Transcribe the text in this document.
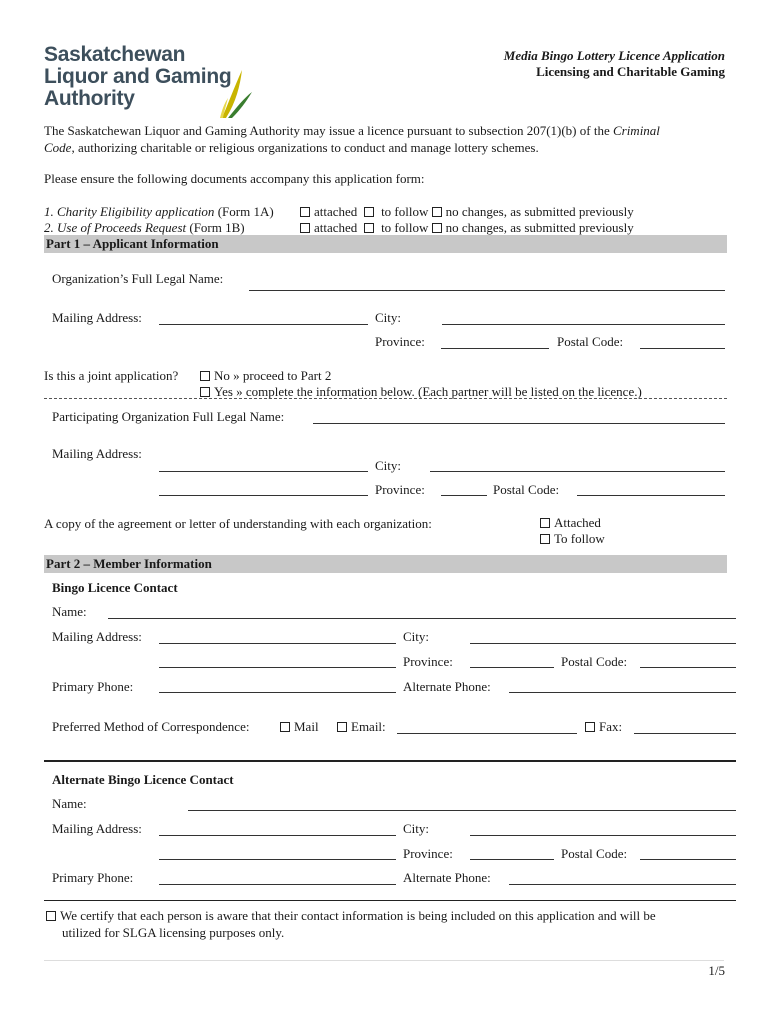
Saskatchewan
Liquor and Gaming
Authority
Media Bingo Lottery Licence Application
Licensing and Charitable Gaming
The Saskatchewan Liquor and Gaming Authority may issue a licence pursuant to subsection 207(1)(b) of the Criminal
Code, authorizing charitable or religious organizations to conduct and manage lottery schemes.
Please ensure the following documents accompany this application form:
1. Charity Eligibility application (Form 1A)	attached to follow no changes, as submitted previously
2. Use of Proceeds Request (Form 1B)	attached to follow no changes, as submitted previously
Part 1 – Applicant Information
Organization’s Full Legal Name:
Mailing Address:	City:
Province:	Postal Code:
Is this a joint application?	No » proceed to Part 2
Yes » complete the information below. (Each partner will be listed on the licence.)
Participating Organization Full Legal Name:
Mailing Address:
City:
Province:	Postal Code:
A copy of the agreement or letter of understanding with each organization:	Attached
To follow
Part 2 – Member Information
Bingo Licence Contact
Name:
Mailing Address:	City:
Province:	Postal Code:
Primary Phone:	Alternate Phone:
Preferred Method of Correspondence:	Mail	Email:	Fax:
Alternate Bingo Licence Contact
Name:
Mailing Address:	City:
Province:	Postal Code:
Primary Phone:	Alternate Phone:
We certify that each person is aware that their contact information is being included on this application and will be
utilized for SLGA licensing purposes only.
1/5
